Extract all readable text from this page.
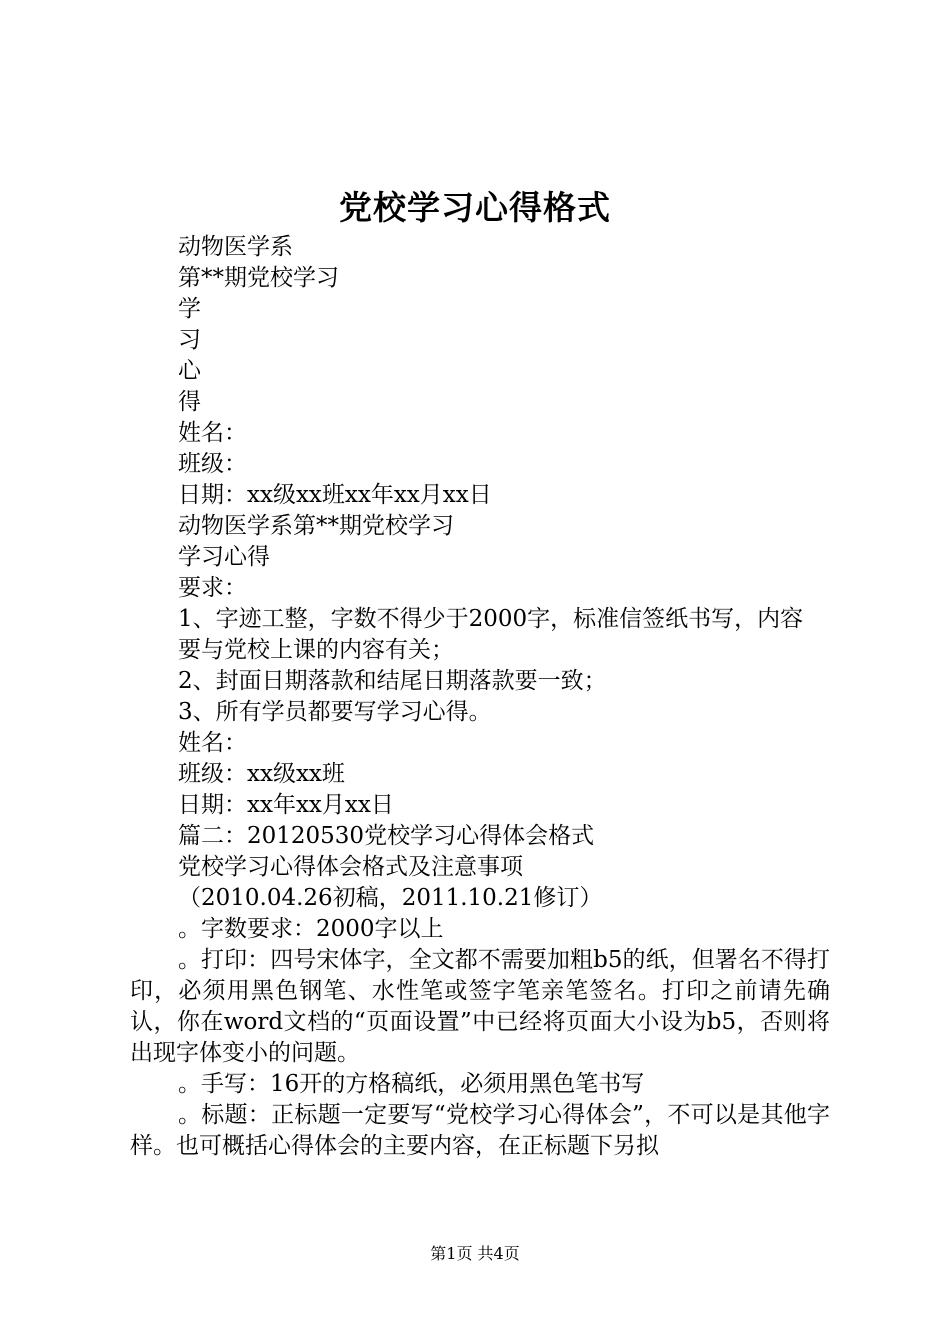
党校学习心得格式

动物医学系

第**期党校学习

学

习

心

得

姓名：

班级：

日期：xx级xx班xx年xx月xx日

动物医学系第**期党校学习

学习心得

要求：

1、字迹工整，字数不得少于2000字，标准信签纸书写，内容

要与党校上课的内容有关；

2、封面日期落款和结尾日期落款要一致；

3、所有学员都要写学习心得。

姓名：

班级：xx级xx班

日期：xx年xx月xx日

篇二：20120530党校学习心得体会格式

党校学习心得体会格式及注意事项

（2010.04.26初稿，2011.10.21修订）

。字数要求：2000字以上

。打印：四号宋体字，全文都不需要加粗b5的纸，但署名不得打印，必须用黑色钢笔、水性笔或签字笔亲笔签名。打印之前请先确认，你在word文档的“页面设置”中已经将页面大小设为b5，否则将出现字体变小的问题。

。手写：16开的方格稿纸，必须用黑色笔书写

。标题：正标题一定要写“党校学习心得体会”，不可以是其他字样。也可概括心得体会的主要内容，在正标题下另拟

第1页 共4页
